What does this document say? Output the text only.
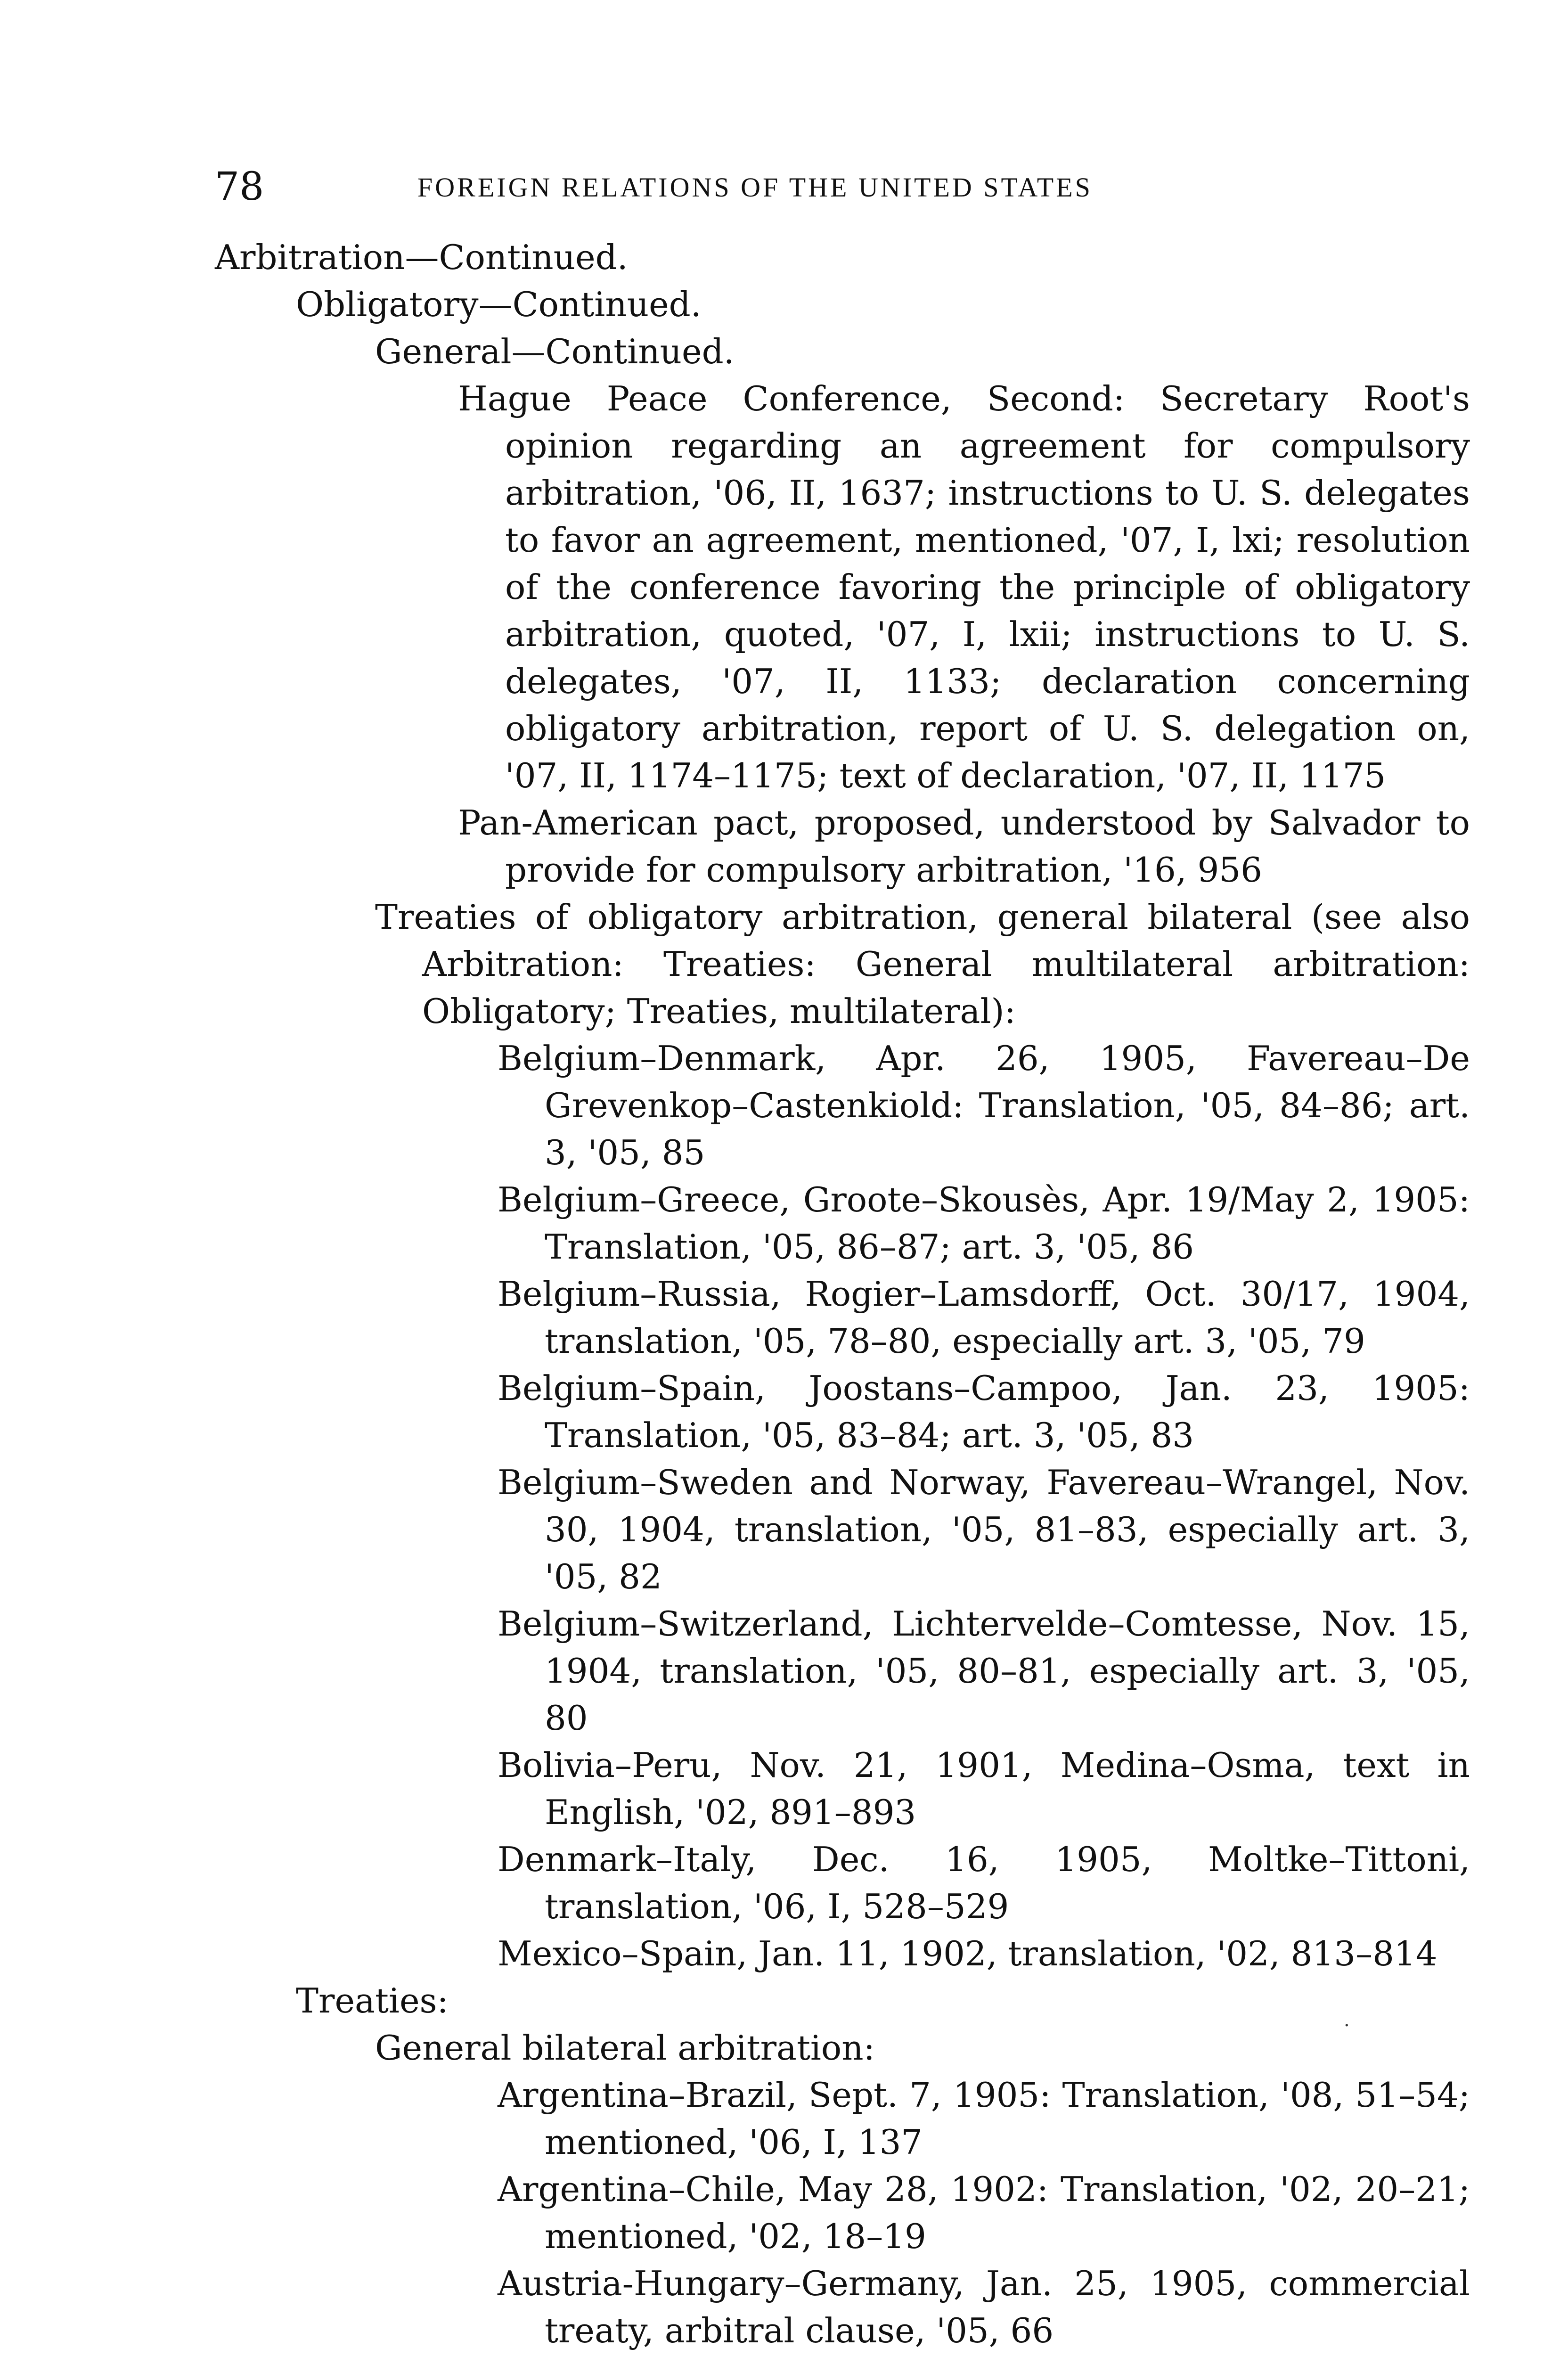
78	FOREIGN RELATIONS OF THE UNITED STATES

Arbitration—Continued.

Obligatory—Continued.

General—Continued.

Hague Peace Conference, Second: Secretary Root's opinion regarding an agreement for compulsory arbitration, '06, II, 1637; instructions to U. S. delegates to favor an agreement, mentioned, '07, I, lxi; resolution of the conference favoring the principle of obligatory arbitration, quoted, '07, I, lxii; instructions to U. S. delegates, '07, II, 1133; declaration concerning obligatory arbitration, report of U. S. delegation on, '07, II, 1174–1175; text of declaration, '07, II, 1175

Pan-American pact, proposed, understood by Salvador to provide for compulsory arbitration, '16, 956

Treaties of obligatory arbitration, general bilateral (see also Arbitration: Treaties: General multilateral arbitration: Obligatory; Treaties, multilateral):

Belgium–Denmark, Apr. 26, 1905, Favereau–De Grevenkop–Castenkiold: Translation, '05, 84–86; art. 3, '05, 85

Belgium–Greece, Groote–Skousès, Apr. 19/May 2, 1905: Translation, '05, 86–87; art. 3, '05, 86

Belgium–Russia, Rogier–Lamsdorff, Oct. 30/17, 1904, translation, '05, 78–80, especially art. 3, '05, 79

Belgium–Spain, Joostans–Campoo, Jan. 23, 1905: Translation, '05, 83–84; art. 3, '05, 83

Belgium–Sweden and Norway, Favereau–Wrangel, Nov. 30, 1904, translation, '05, 81–83, especially art. 3, '05, 82

Belgium–Switzerland, Lichtervelde–Comtesse, Nov. 15, 1904, translation, '05, 80–81, especially art. 3, '05, 80

Bolivia–Peru, Nov. 21, 1901, Medina–Osma, text in English, '02, 891–893

Denmark–Italy, Dec. 16, 1905, Moltke–Tittoni, translation, '06, I, 528–529

Mexico–Spain, Jan. 11, 1902, translation, '02, 813–814

Treaties:

General bilateral arbitration:

Argentina–Brazil, Sept. 7, 1905: Translation, '08, 51–54; mentioned, '06, I, 137

Argentina–Chile, May 28, 1902: Translation, '02, 20–21; mentioned, '02, 18–19

Austria-Hungary–Germany, Jan. 25, 1905, commercial treaty, arbitral clause, '05, 66

·
